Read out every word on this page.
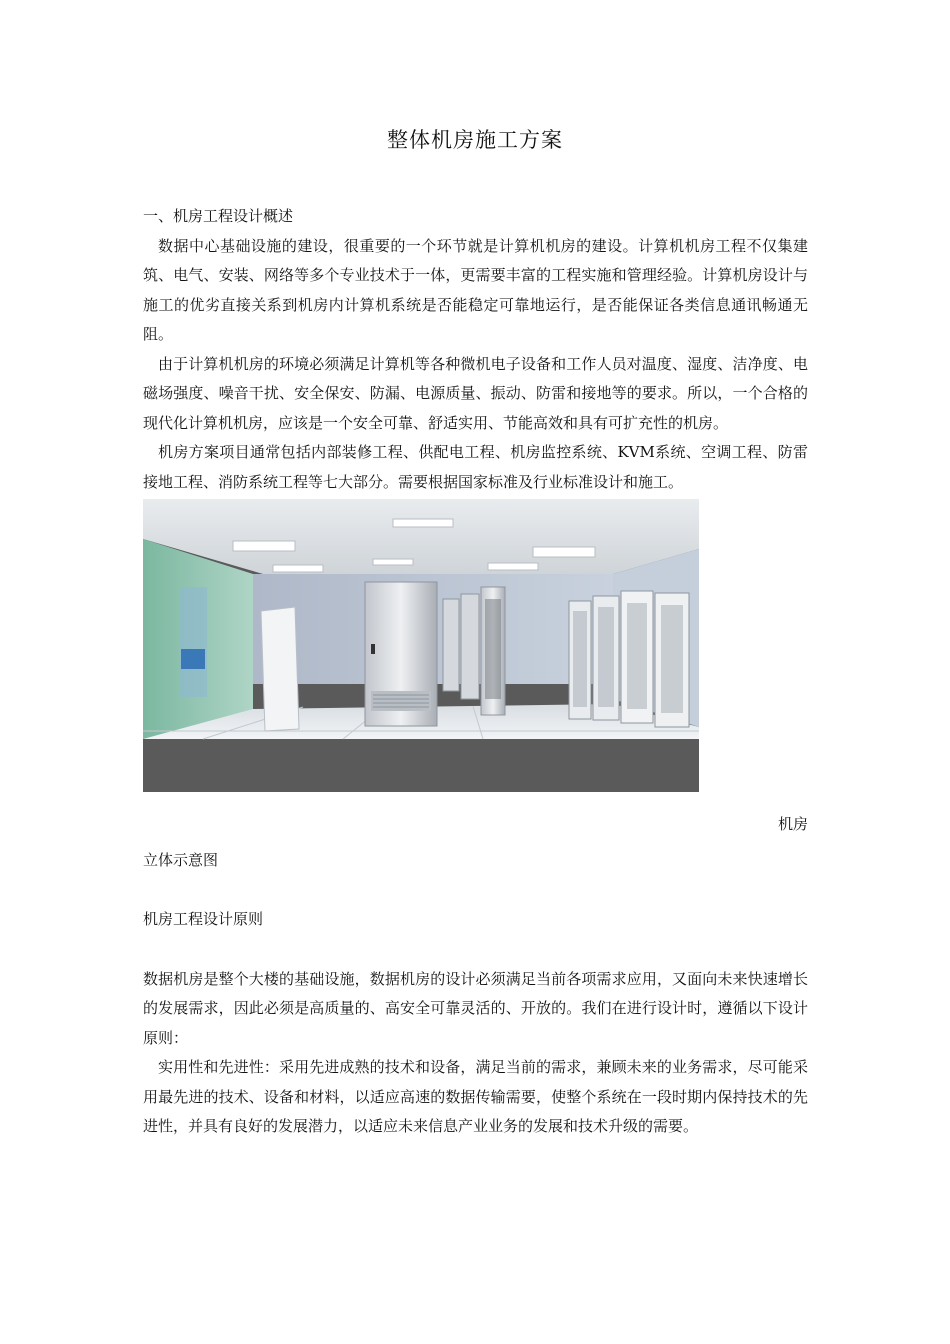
整体机房施工方案

一、机房工程设计概述

数据中心基础设施的建设，很重要的一个环节就是计算机机房的建设。计算机机房工程不仅集建筑、电气、安装、网络等多个专业技术于一体，更需要丰富的工程实施和管理经验。计算机房设计与施工的优劣直接关系到机房内计算机系统是否能稳定可靠地运行，是否能保证各类信息通讯畅通无阻。

由于计算机机房的环境必须满足计算机等各种微机电子设备和工作人员对温度、湿度、洁净度、电磁场强度、噪音干扰、安全保安、防漏、电源质量、振动、防雷和接地等的要求。所以，一个合格的现代化计算机机房，应该是一个安全可靠、舒适实用、节能高效和具有可扩充性的机房。

机房方案项目通常包括内部装修工程、供配电工程、机房监控系统、KVM系统、空调工程、防雷接地工程、消防系统工程等七大部分。需要根据国家标准及行业标准设计和施工。

机房

立体示意图

机房工程设计原则

数据机房是整个大楼的基础设施，数据机房的设计必须满足当前各项需求应用，又面向未来快速增长的发展需求，因此必须是高质量的、高安全可靠灵活的、开放的。我们在进行设计时，遵循以下设计原则：

实用性和先进性：采用先进成熟的技术和设备，满足当前的需求，兼顾未来的业务需求，尽可能采用最先进的技术、设备和材料，以适应高速的数据传输需要，使整个系统在一段时期内保持技术的先进性，并具有良好的发展潜力，以适应未来信息产业业务的发展和技术升级的需要。
